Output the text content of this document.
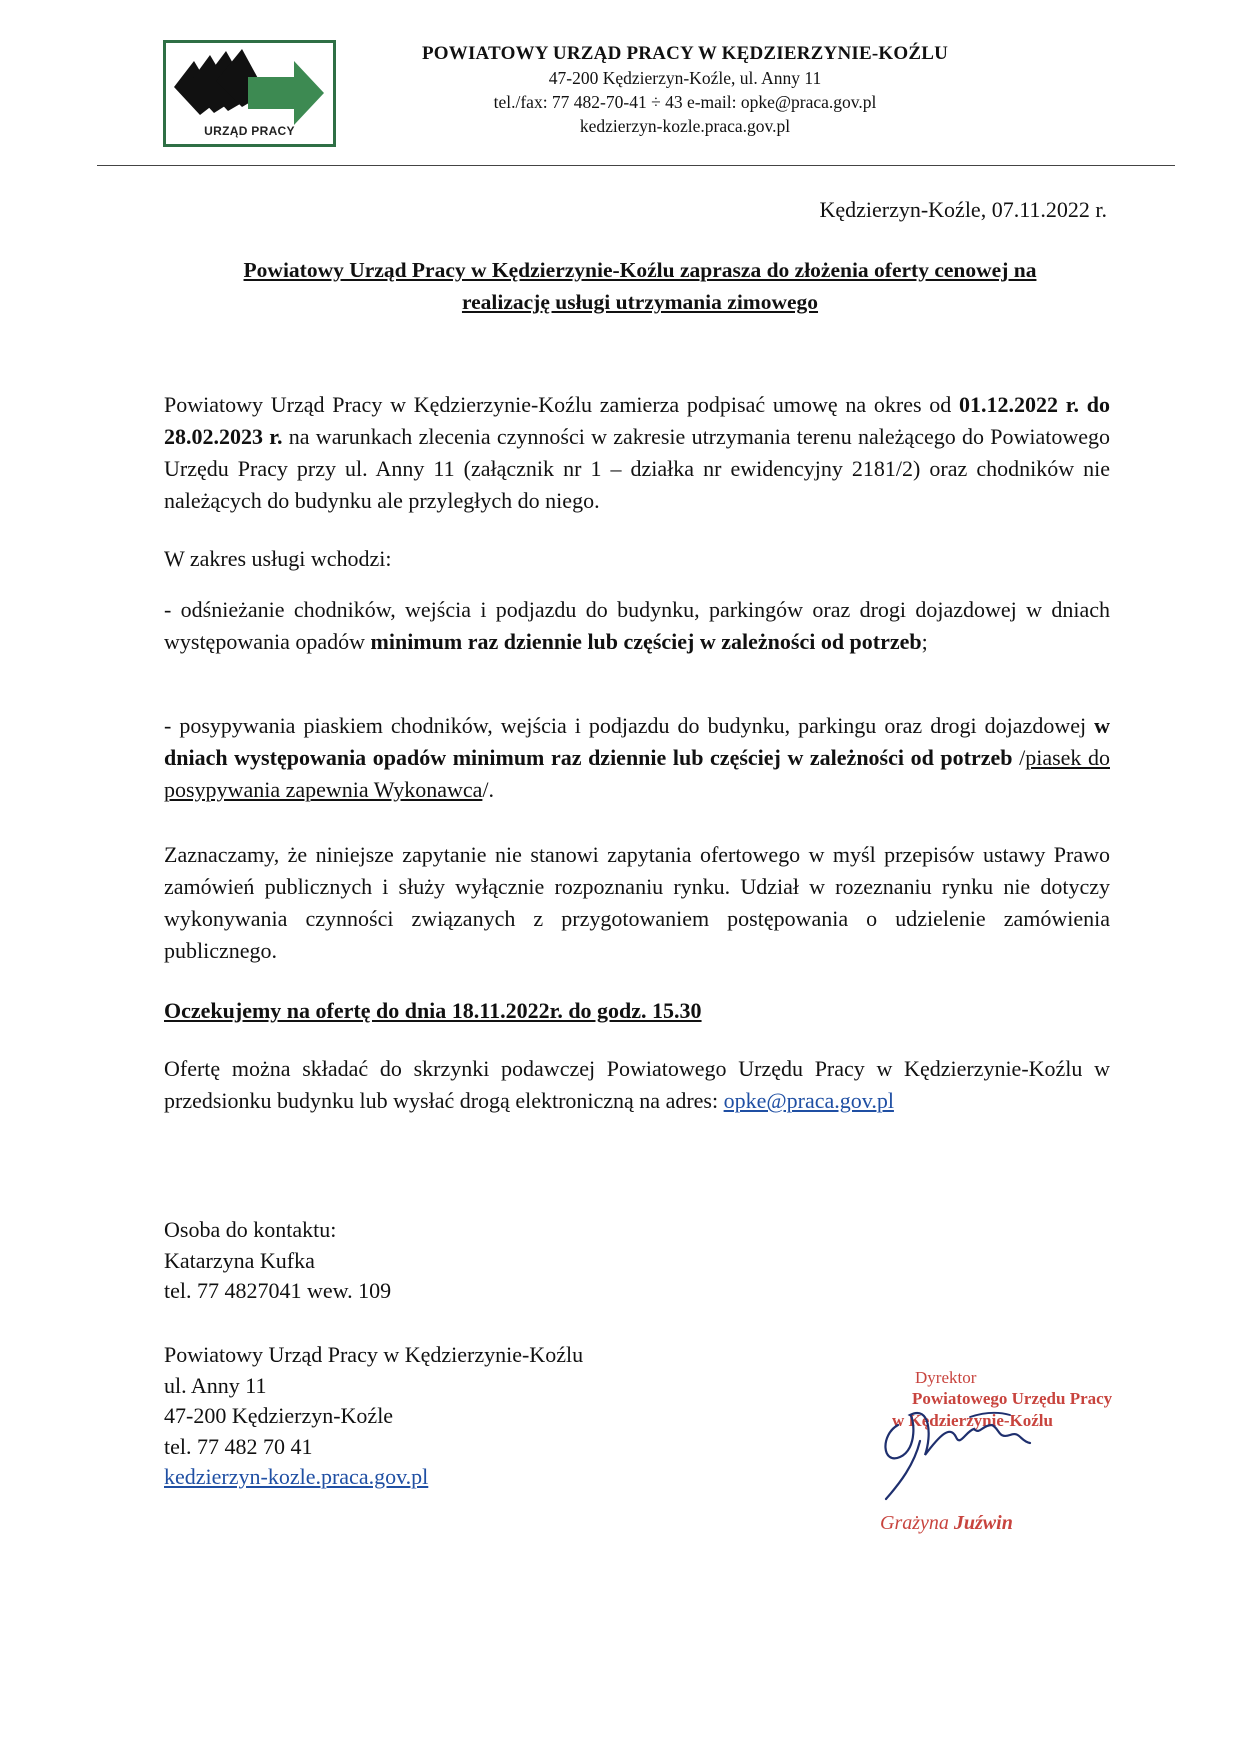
URZĄD PRACY
POWIATOWY URZĄD PRACY W KĘDZIERZYNIE-KOŹLU
47-200 Kędzierzyn-Koźle, ul. Anny 11
tel./fax: 77 482-70-41 ÷ 43 e-mail: opke@praca.gov.pl
kedzierzyn-kozle.praca.gov.pl
Kędzierzyn-Koźle, 07.11.2022 r.
Powiatowy Urząd Pracy w Kędzierzynie-Koźlu zaprasza do złożenia oferty cenowej na
realizację usługi utrzymania zimowego
Powiatowy Urząd Pracy w Kędzierzynie-Koźlu zamierza podpisać umowę na okres od 01.12.2022 r. do 28.02.2023 r. na warunkach zlecenia czynności w zakresie utrzymania terenu należącego do Powiatowego Urzędu Pracy przy ul. Anny 11 (załącznik nr 1 – działka nr ewidencyjny 2181/2) oraz chodników nie należących do budynku ale przyległych do niego.
W zakres usługi wchodzi:
- odśnieżanie chodników, wejścia i podjazdu do budynku, parkingów oraz drogi dojazdowej w dniach występowania opadów minimum raz dziennie lub częściej w zależności od potrzeb;
- posypywania piaskiem chodników, wejścia i podjazdu do budynku, parkingu oraz drogi dojazdowej w dniach występowania opadów minimum raz dziennie lub częściej w zależności od potrzeb /piasek do posypywania zapewnia Wykonawca/.
Zaznaczamy, że niniejsze zapytanie nie stanowi zapytania ofertowego w myśl przepisów ustawy Prawo zamówień publicznych i służy wyłącznie rozpoznaniu rynku. Udział w rozeznaniu rynku nie dotyczy wykonywania czynności związanych z przygotowaniem postępowania o udzielenie zamówienia publicznego.
Oczekujemy na ofertę do dnia 18.11.2022r. do godz. 15.30
Ofertę można składać do skrzynki podawczej Powiatowego Urzędu Pracy w Kędzierzynie-Koźlu w przedsionku budynku lub wysłać drogą elektroniczną na adres: opke@praca.gov.pl
Osoba do kontaktu:
Katarzyna Kufka
tel. 77 4827041 wew. 109
Powiatowy Urząd Pracy w Kędzierzynie-Koźlu
ul. Anny 11
47-200 Kędzierzyn-Koźle
tel. 77 482 70 41
kedzierzyn-kozle.praca.gov.pl
Dyrektor
Powiatowego Urzędu Pracy
w Kędzierzynie-Koźlu
Grażyna Juźwin
